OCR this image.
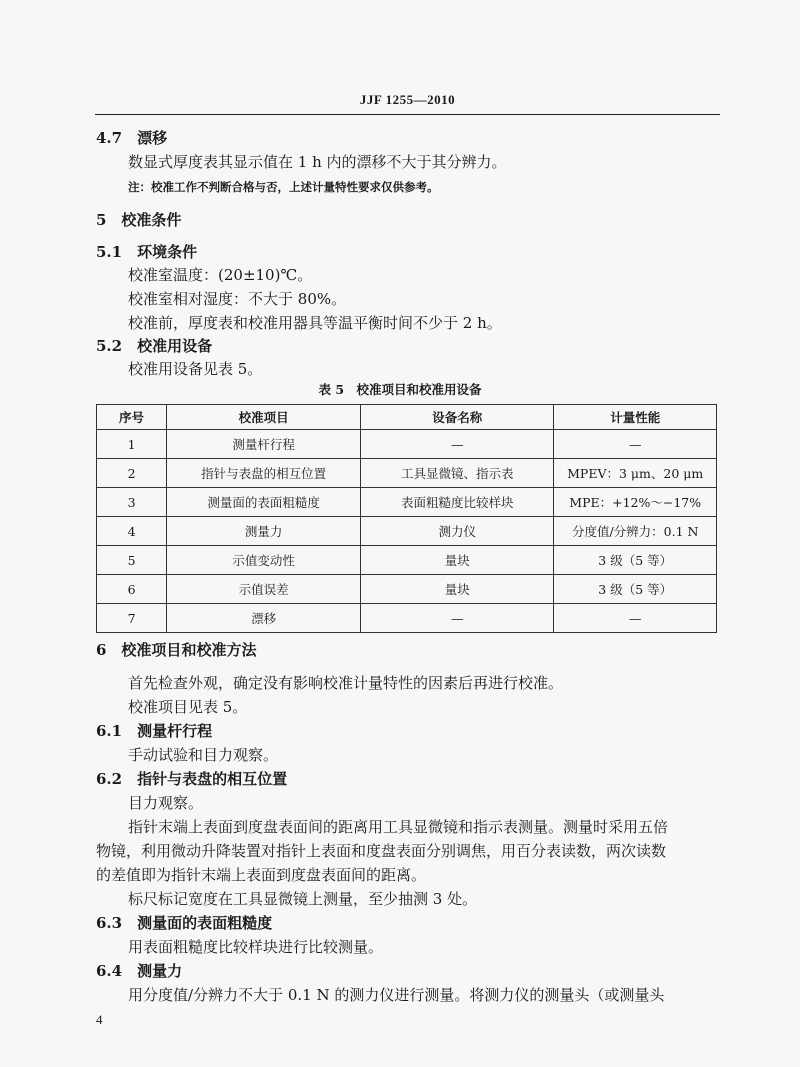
JJF 1255—2010
4.7　漂移
数显式厚度表其显示值在 1 h 内的漂移不大于其分辨力。
注：校准工作不判断合格与否，上述计量特性要求仅供参考。
5　校准条件
5.1　环境条件
校准室温度：(20±10)℃。
校准室相对湿度：不大于 80%。
校准前，厚度表和校准用器具等温平衡时间不少于 2 h。
5.2　校准用设备
校准用设备见表 5。
表 5　校准项目和校准用设备
序号	校准项目	设备名称	计量性能
1	测量杆行程	—	—
2	指针与表盘的相互位置	工具显微镜、指示表	MPEV：3 μm、20 μm
3	测量面的表面粗糙度	表面粗糙度比较样块	MPE：+12%～−17%
4	测量力	测力仪	分度值/分辨力：0.1 N
5	示值变动性	量块	3 级（5 等）
6	示值误差	量块	3 级（5 等）
7	漂移	—	—
6　校准项目和校准方法
首先检查外观，确定没有影响校准计量特性的因素后再进行校准。
校准项目见表 5。
6.1　测量杆行程
手动试验和目力观察。
6.2　指针与表盘的相互位置
目力观察。
指针末端上表面到度盘表面间的距离用工具显微镜和指示表测量。测量时采用五倍
物镜，利用微动升降装置对指针上表面和度盘表面分别调焦，用百分表读数，两次读数
的差值即为指针末端上表面到度盘表面间的距离。
标尺标记宽度在工具显微镜上测量，至少抽测 3 处。
6.3　测量面的表面粗糙度
用表面粗糙度比较样块进行比较测量。
6.4　测量力
用分度值/分辨力不大于 0.1 N 的测力仪进行测量。将测力仪的测量头（或测量头
4
